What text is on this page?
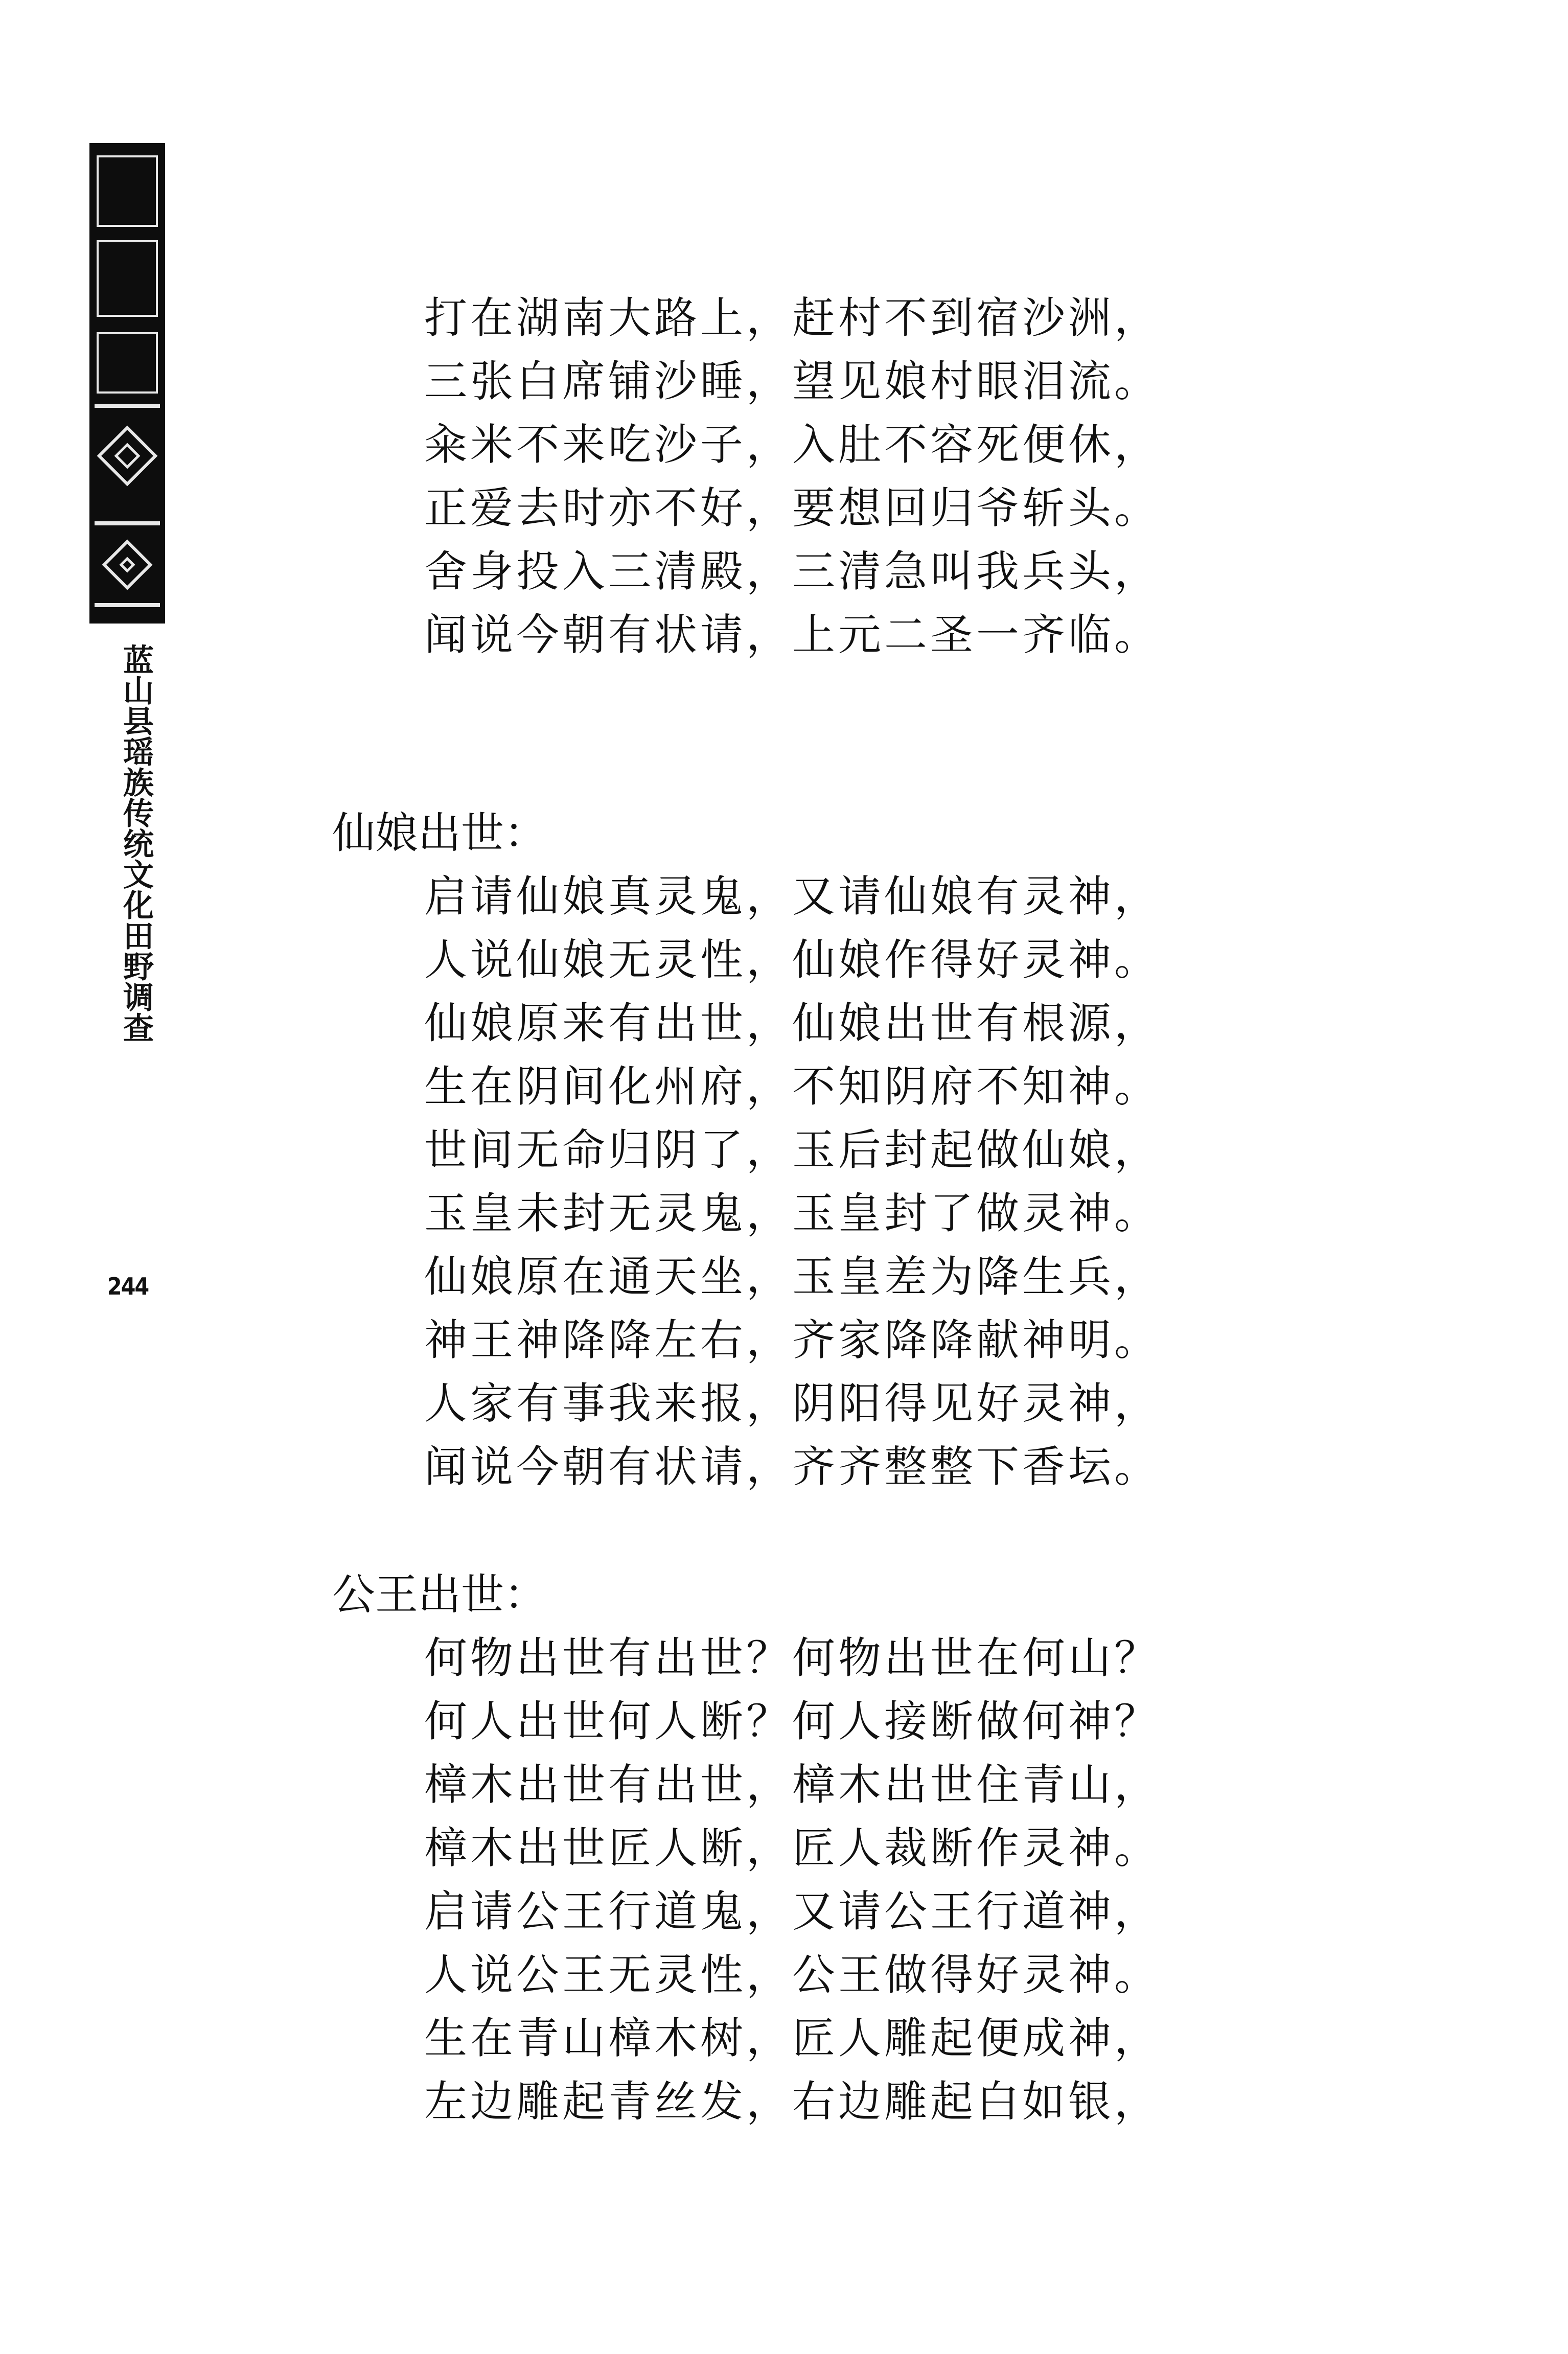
蓝山县瑶族传统文化田野调查
244
打在湖南大路上，赶村不到宿沙洲，
三张白席铺沙睡，望见娘村眼泪流。
籴米不来吃沙子，入肚不容死便休，
正爱去时亦不好，要想回归爷斩头。
舍身投入三清殿，三清急叫我兵头，
闻说今朝有状请，上元二圣一齐临。
仙娘出世：
启请仙娘真灵鬼，又请仙娘有灵神，
人说仙娘无灵性，仙娘作得好灵神。
仙娘原来有出世，仙娘出世有根源，
生在阴间化州府，不知阴府不知神。
世间无命归阴了，玉后封起做仙娘，
玉皇未封无灵鬼，玉皇封了做灵神。
仙娘原在通天坐，玉皇差为降生兵，
神王神降降左右，齐家降降献神明。
人家有事我来报，阴阳得见好灵神，
闻说今朝有状请，齐齐整整下香坛。
公王出世：
何物出世有出世？何物出世在何山？
何人出世何人断？何人接断做何神？
樟木出世有出世，樟木出世住青山，
樟木出世匠人断，匠人裁断作灵神。
启请公王行道鬼，又请公王行道神，
人说公王无灵性，公王做得好灵神。
生在青山樟木树，匠人雕起便成神，
左边雕起青丝发，右边雕起白如银，
